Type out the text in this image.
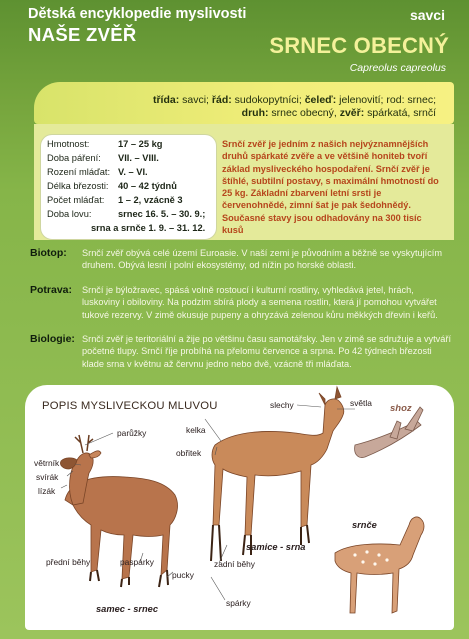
Dětská encyklopedie myslivosti	savci
NAŠE ZVĚŘ	SRNEC OBECNÝ
Capreolus capreolus
třída: savci; řád: sudokopytníci; čeleď: jelenovití; rod: srnec;
druh: srnec obecný, zvěř: spárkatá, srnčí
Hmotnost:	17 – 25 kg
Doba páření: VII. – VIII.
Rození mláďat: V. – VI.
Délka březosti: 40 – 42 týdnů
Počet mláďat: 1 – 2, vzácně 3
Doba lovu:	srnec 16. 5. – 30. 9.;
srna a srnče 1. 9. – 31. 12.
Srnčí zvěř je jedním z našich nejvýznamnějších druhů spárkaté zvěře a ve většině honiteb tvoří základ mysliveckého hospodaření. Srnčí zvěř je štíhlé, subtilní postavy, s maximální hmotností do 25 kg. Základní zbarvení letní srsti je červenohnědé, zimní šat je pak šedohnědý. Současné stavy jsou odhadovány na 300 tisíc kusů
Biotop: Srnčí zvěř obývá celé území Euroasie. V naší zemi je původním a běžně se vyskytujícím druhem. Obývá lesní i polní ekosystémy, od nížin po horské oblasti.
Potrava: Srnčí je býložravec, spásá volně rostoucí i kulturní rostliny, vyhledává jetel, hrách, luskoviny i obiloviny. Na podzim sbírá plody a semena rostlin, která jí pomohou vytvářet tukové rezervy. V zimě okusuje pupeny a ohryzává zelenou kůru měkkých dřevin i keřů.
Biologie: Srnčí zvěř je teritoriální a žije po většinu času samotářsky. Jen v zimě se sdružuje a vytváří početné tlupy. Srnčí říje probíhá na přelomu července a srpna. Po 42 týdnech březosti klade srna v květnu až červnu jedno nebo dvě, vzácně tři mláďata.
POPIS MYSLIVECKOU MLUVOU
parůžky
větrník
svírák
lízák
přední běhy	paspárky
pucky
spárky
kelka
obřitek
slechy	světla shoz
zadní běhy
samice - srna
samec - srnec
srnče
